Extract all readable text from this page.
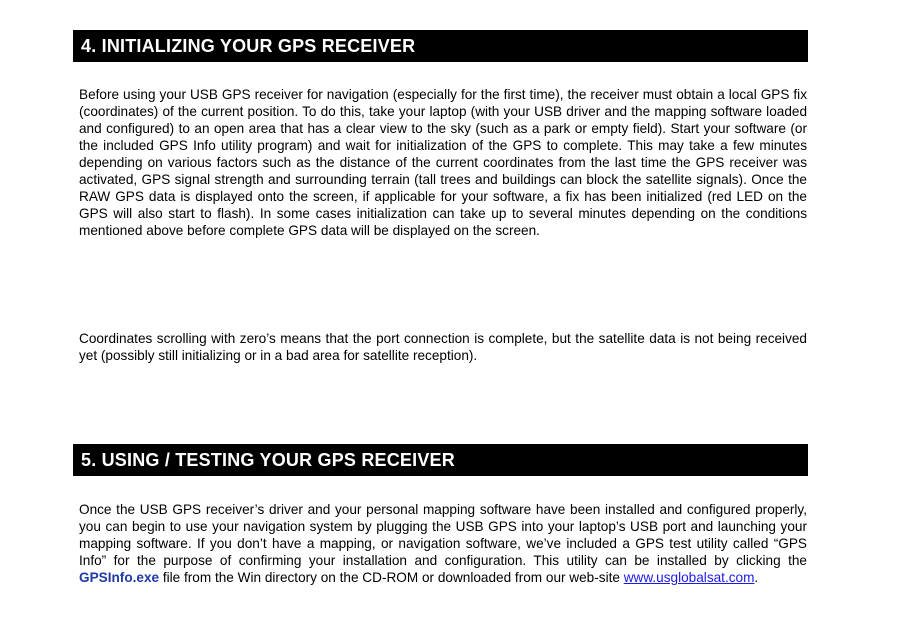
4. INITIALIZING YOUR GPS RECEIVER

Before using your USB GPS receiver for navigation (especially for the first time), the receiver must obtain a local GPS fix (coordinates) of the current position. To do this, take your laptop (with your USB driver and the mapping software loaded and configured) to an open area that has a clear view to the sky (such as a park or empty field). Start your software (or the included GPS Info utility program) and wait for initialization of the GPS to complete. This may take a few minutes depending on various factors such as the distance of the current coordinates from the last time the GPS receiver was activated, GPS signal strength and surrounding terrain (tall trees and buildings can block the satellite signals). Once the RAW GPS data is displayed onto the screen, if applicable for your software, a fix has been initialized (red LED on the GPS will also start to flash). In some cases initialization can take up to several minutes depending on the conditions mentioned above before complete GPS data will be displayed on the screen.

Coordinates scrolling with zero’s means that the port connection is complete, but the satellite data is not being received yet (possibly still initializing or in a bad area for satellite reception).

5. USING / TESTING YOUR GPS RECEIVER

Once the USB GPS receiver’s driver and your personal mapping software have been installed and configured properly, you can begin to use your navigation system by plugging the USB GPS into your laptop’s USB port and launching your mapping software. If you don’t have a mapping, or navigation software, we’ve included a GPS test utility called “GPS Info” for the purpose of confirming your installation and configuration. This utility can be installed by clicking the GPSInfo.exe file from the Win directory on the CD-ROM or downloaded from our web-site www.usglobalsat.com.
